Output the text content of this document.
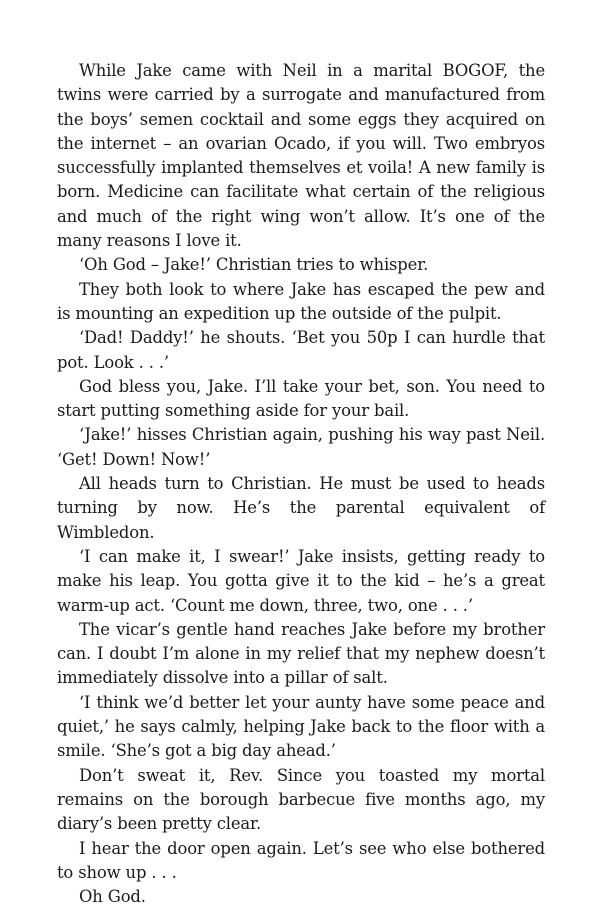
While Jake came with Neil in a marital BOGOF, the twins were carried by a surrogate and manufactured from the boys’ semen cocktail and some eggs they acquired on the internet – an ovarian Ocado, if you will. Two embryos successfully implanted themselves et voila! A new family is born. Medicine can facilitate what certain of the religious and much of the right wing won’t allow. It’s one of the many reasons I love it.

‘Oh God – Jake!’ Christian tries to whisper.

They both look to where Jake has escaped the pew and is mounting an expedition up the outside of the pulpit.

‘Dad! Daddy!’ he shouts. ‘Bet you 50p I can hurdle that pot. Look . . .’

God bless you, Jake. I’ll take your bet, son. You need to start putting something aside for your bail.

‘Jake!’ hisses Christian again, pushing his way past Neil. ‘Get! Down! Now!’

All heads turn to Christian. He must be used to heads turning by now. He’s the parental equivalent of Wimbledon.

‘I can make it, I swear!’ Jake insists, getting ready to make his leap. You gotta give it to the kid – he’s a great warm-up act. ‘Count me down, three, two, one . . .’

The vicar’s gentle hand reaches Jake before my brother can. I doubt I’m alone in my relief that my nephew doesn’t immediately dissolve into a pillar of salt.

‘I think we’d better let your aunty have some peace and quiet,’ he says calmly, helping Jake back to the floor with a smile. ‘She’s got a big day ahead.’

Don’t sweat it, Rev. Since you toasted my mortal remains on the borough barbecue five months ago, my diary’s been pretty clear.

I hear the door open again. Let’s see who else bothered to show up . . .

Oh God.
